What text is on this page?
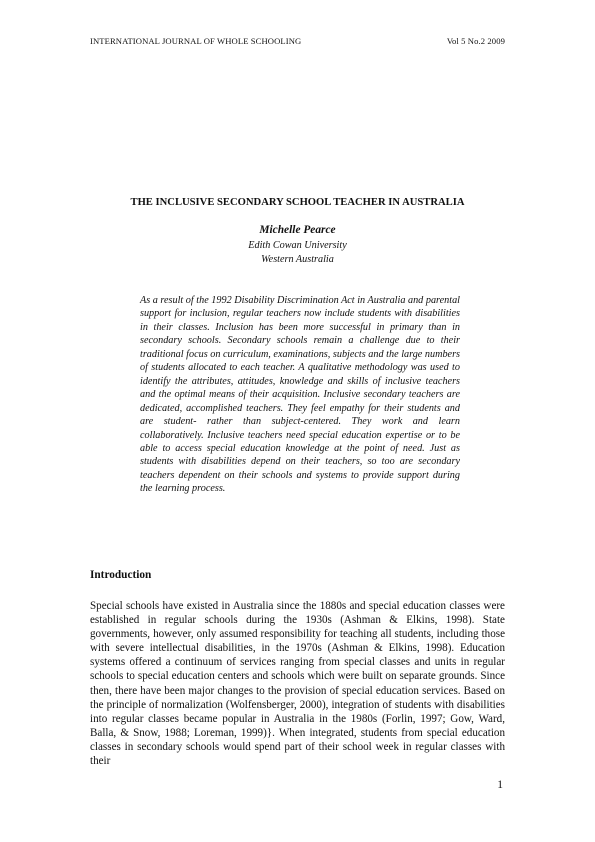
INTERNATIONAL JOURNAL OF WHOLE SCHOOLING	Vol 5 No.2 2009
THE INCLUSIVE SECONDARY SCHOOL TEACHER IN AUSTRALIA
Michelle Pearce
Edith Cowan University
Western Australia

As a result of the 1992 Disability Discrimination Act in Australia and parental support for inclusion, regular teachers now include students with disabilities in their classes. Inclusion has been more successful in primary than in secondary schools. Secondary schools remain a challenge due to their traditional focus on curriculum, examinations, subjects and the large numbers of students allocated to each teacher. A qualitative methodology was used to identify the attributes, attitudes, knowledge and skills of inclusive teachers and the optimal means of their acquisition. Inclusive secondary teachers are dedicated, accomplished teachers. They feel empathy for their students and are student- rather than subject-centered. They work and learn collaboratively. Inclusive teachers need special education expertise or to be able to access special education knowledge at the point of need. Just as students with disabilities depend on their teachers, so too are secondary teachers dependent on their schools and systems to provide support during the learning process.

Introduction

Special schools have existed in Australia since the 1880s and special education classes were established in regular schools during the 1930s (Ashman & Elkins, 1998). State governments, however, only assumed responsibility for teaching all students, including those with severe intellectual disabilities, in the 1970s (Ashman & Elkins, 1998). Education systems offered a continuum of services ranging from special classes and units in regular schools to special education centers and schools which were built on separate grounds. Since then, there have been major changes to the provision of special education services. Based on the principle of normalization (Wolfensberger, 2000), integration of students with disabilities into regular classes became popular in Australia in the 1980s (Forlin, 1997; Gow, Ward, Balla, & Snow, 1988; Loreman, 1999)}. When integrated, students from special education classes in secondary schools would spend part of their school week in regular classes with their

1
